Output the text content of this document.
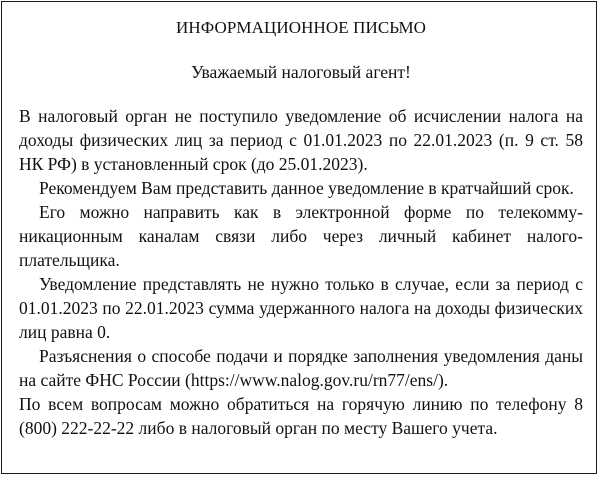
ИНФОРМАЦИОННОЕ ПИСЬМО

Уважаемый налоговый агент!

В налоговый орган не поступило уведомление об исчислении налога на доходы физических лиц за период с 01.01.2023 по 22.01.2023 (п. 9 ст. 58 НК РФ) в установленный срок (до 25.01.2023).

Рекомендуем Вам представить данное уведомление в кратчайший срок.

Его можно направить как в электронной форме по телекоммуникационным каналам связи либо через личный кабинет налогоплательщика.

Уведомление представлять не нужно только в случае, если за период с 01.01.2023 по 22.01.2023 сумма удержанного налога на доходы физических лиц равна 0.

Разъяснения о способе подачи и порядке заполнения уведомления даны на сайте ФНС России (https://www.nalog.gov.ru/rn77/ens/).

По всем вопросам можно обратиться на горячую линию по телефону 8 (800) 222-22-22 либо в налоговый орган по месту Вашего учета.
